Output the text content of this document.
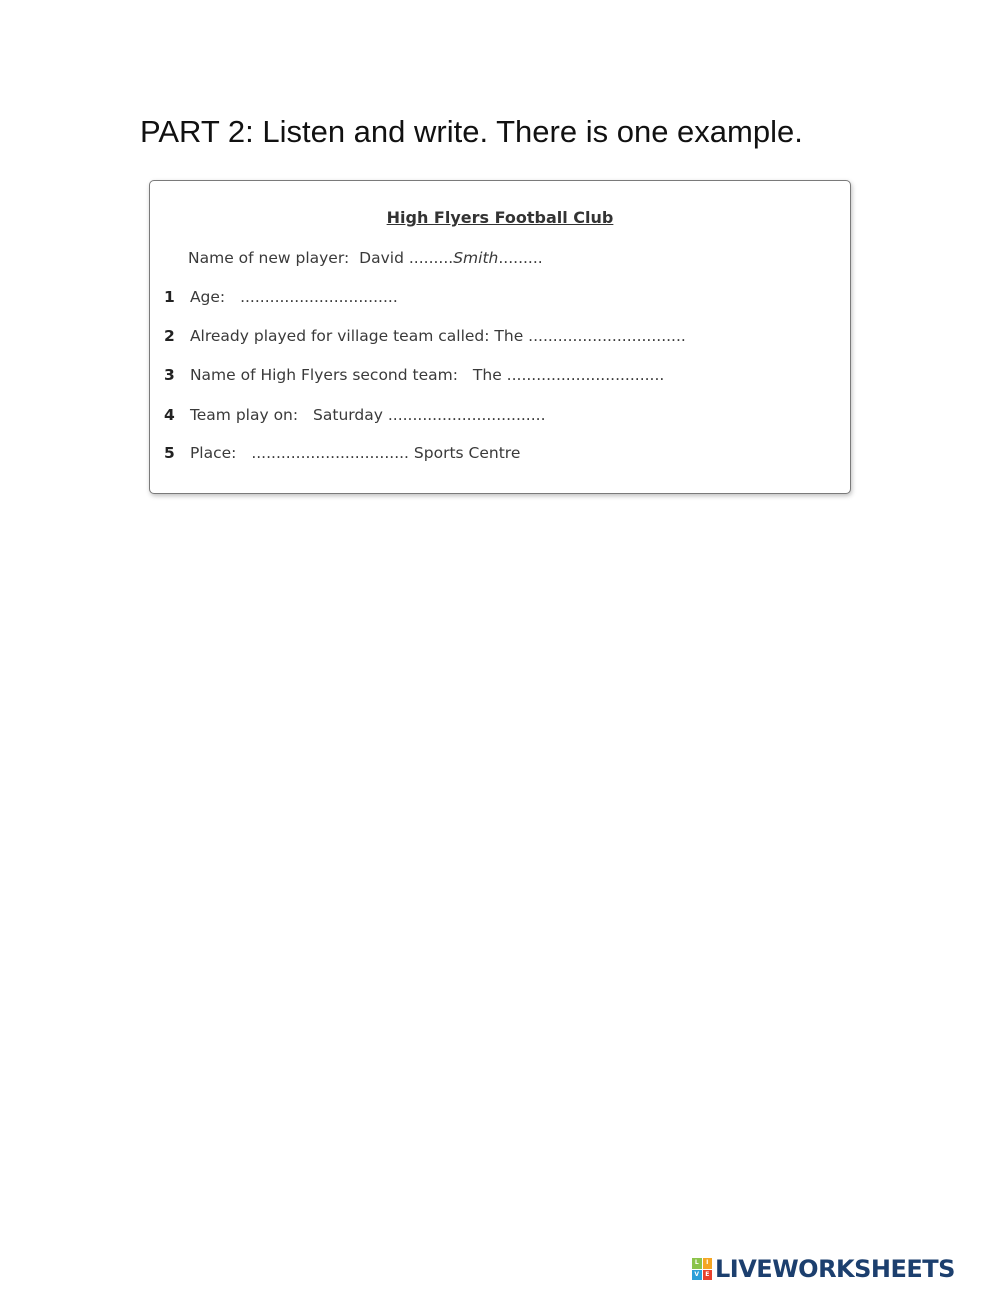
PART 2: Listen and write. There is one example.
High Flyers Football Club
Name of new player: David .........Smith.........
1 Age: ................................
2 Already played for village team called: The ................................
3 Name of High Flyers second team: The ................................
4 Team play on: Saturday ................................
5 Place: ................................ Sports Centre
L	I
V	E LIVEWORKSHEETS
